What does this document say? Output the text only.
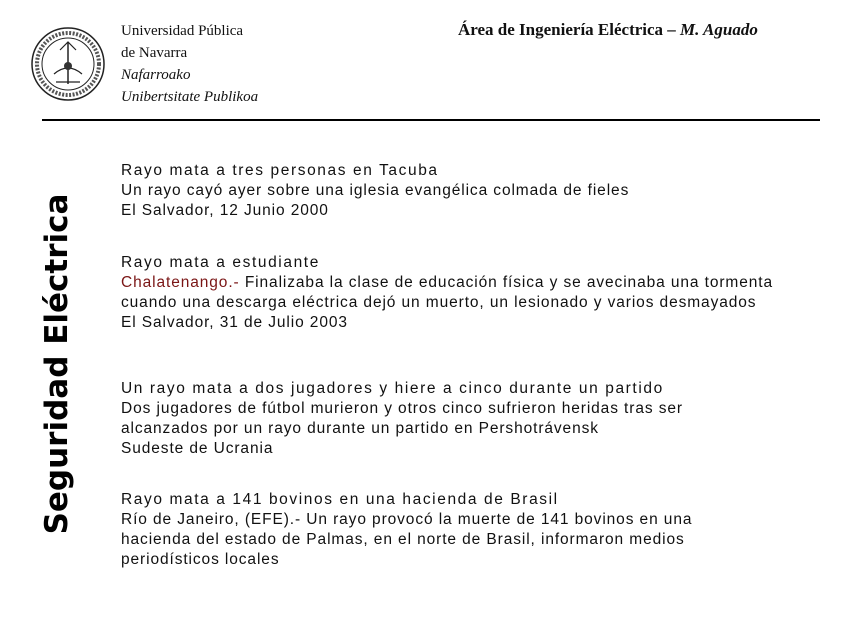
Universidad Pública
de Navarra
Nafarroako
Unibertsitate Publikoa
Área de Ingeniería Eléctrica – M. Aguado
Seguridad Eléctrica
Rayo mata a tres personas en Tacuba
Un rayo cayó ayer sobre una iglesia evangélica colmada de fieles
El Salvador, 12 Junio 2000
Rayo mata a estudiante
Chalatenango.- Finalizaba la clase de educación física y se avecinaba una tormenta
cuando una descarga eléctrica dejó un muerto, un lesionado y varios desmayados
El Salvador, 31 de Julio 2003
Un rayo mata a dos jugadores y hiere a cinco durante un partido
Dos jugadores de fútbol murieron y otros cinco sufrieron heridas tras ser
alcanzados por un rayo durante un partido en Pershotrávensk
Sudeste de Ucrania
Rayo mata a 141 bovinos en una hacienda de Brasil
Río de Janeiro, (EFE).- Un rayo provocó la muerte de 141 bovinos en una
hacienda del estado de Palmas, en el norte de Brasil, informaron medios
periodísticos locales
